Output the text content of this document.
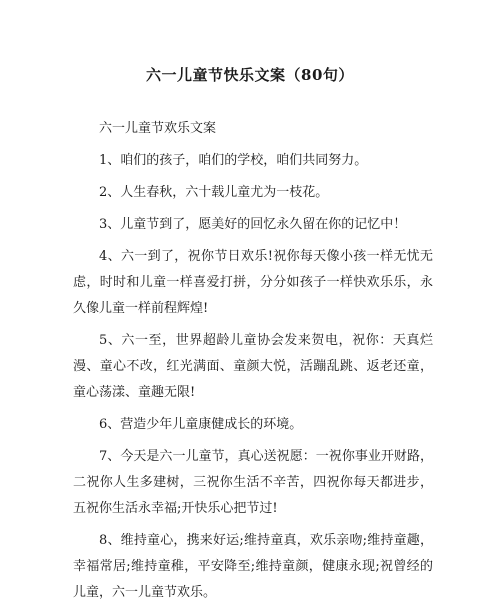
六一儿童节快乐文案（80句）

六一儿童节欢乐文案

1、咱们的孩子，咱们的学校，咱们共同努力。

2、人生春秋，六十载儿童尤为一枝花。

3、儿童节到了，愿美好的回忆永久留在你的记忆中！

4、六一到了，祝你节日欢乐!祝你每天像小孩一样无忧无虑，时时和儿童一样喜爱打拼，分分如孩子一样快欢乐乐，永久像儿童一样前程辉煌!

5、六一至，世界超龄儿童协会发来贺电，祝你：天真烂漫、童心不改，红光满面、童颜大悦，活蹦乱跳、返老还童，童心荡漾、童趣无限!

6、营造少年儿童康健成长的环境。

7、今天是六一儿童节，真心送祝愿：一祝你事业开财路，二祝你人生多建树，三祝你生活不辛苦，四祝你每天都进步，五祝你生活永幸福;开快乐心把节过!

8、维持童心，携来好运;维持童真，欢乐亲吻;维持童趣，幸福常居;维持童稚，平安降至;维持童颜，健康永现;祝曾经的儿童，六一儿童节欢乐。
